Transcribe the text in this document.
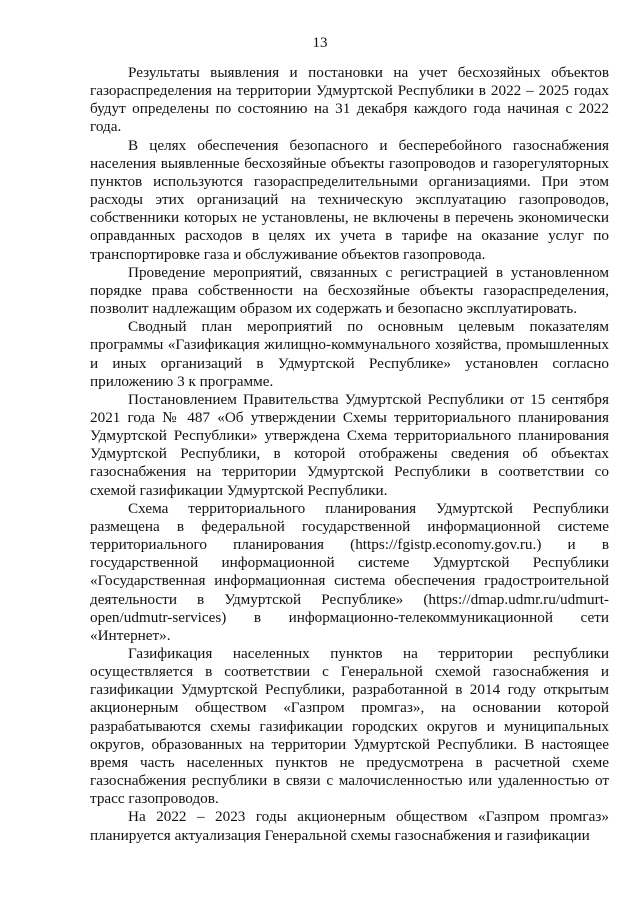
13

Результаты выявления и постановки на учет бесхозяйных объектов газораспределения на территории Удмуртской Республики в 2022 – 2025 годах будут определены по состоянию на 31 декабря каждого года начиная с 2022 года.

В целях обеспечения безопасного и бесперебойного газоснабжения населения выявленные бесхозяйные объекты газопроводов и газорегуляторных пунктов используются газораспределительными организациями. При этом расходы этих организаций на техническую эксплуатацию газопроводов, собственники которых не установлены, не включены в перечень экономически оправданных расходов в целях их учета в тарифе на оказание услуг по транспортировке газа и обслуживание объектов газопровода.

Проведение мероприятий, связанных с регистрацией в установленном порядке права собственности на бесхозяйные объекты газораспределения, позволит надлежащим образом их содержать и безопасно эксплуатировать.

Сводный план мероприятий по основным целевым показателям программы «Газификация жилищно-коммунального хозяйства, промышленных и иных организаций в Удмуртской Республике» установлен согласно приложению 3 к программе.

Постановлением Правительства Удмуртской Республики от 15 сентября 2021 года № 487 «Об утверждении Схемы территориального планирования Удмуртской Республики» утверждена Схема территориального планирования Удмуртской Республики, в которой отображены сведения об объектах газоснабжения на территории Удмуртской Республики в соответствии со схемой газификации Удмуртской Республики.

Схема территориального планирования Удмуртской Республики размещена в федеральной государственной информационной системе территориального планирования (https://fgistp.economy.gov.ru.) и в государственной информационной системе Удмуртской Республики «Государственная информационная система обеспечения градостроительной деятельности в Удмуртской Республике» (https://dmap.udmr.ru/udmurt-open/udmutr-services) в информационно-телекоммуникационной сети «Интернет».

Газификация населенных пунктов на территории республики осуществляется в соответствии с Генеральной схемой газоснабжения и газификации Удмуртской Республики, разработанной в 2014 году открытым акционерным обществом «Газпром промгаз», на основании которой разрабатываются схемы газификации городских округов и муниципальных округов, образованных на территории Удмуртской Республики. В настоящее время часть населенных пунктов не предусмотрена в расчетной схеме газоснабжения республики в связи с малочисленностью или удаленностью от трасс газопроводов.

На 2022 – 2023 годы акционерным обществом «Газпром промгаз» планируется актуализация Генеральной схемы газоснабжения и газификации
